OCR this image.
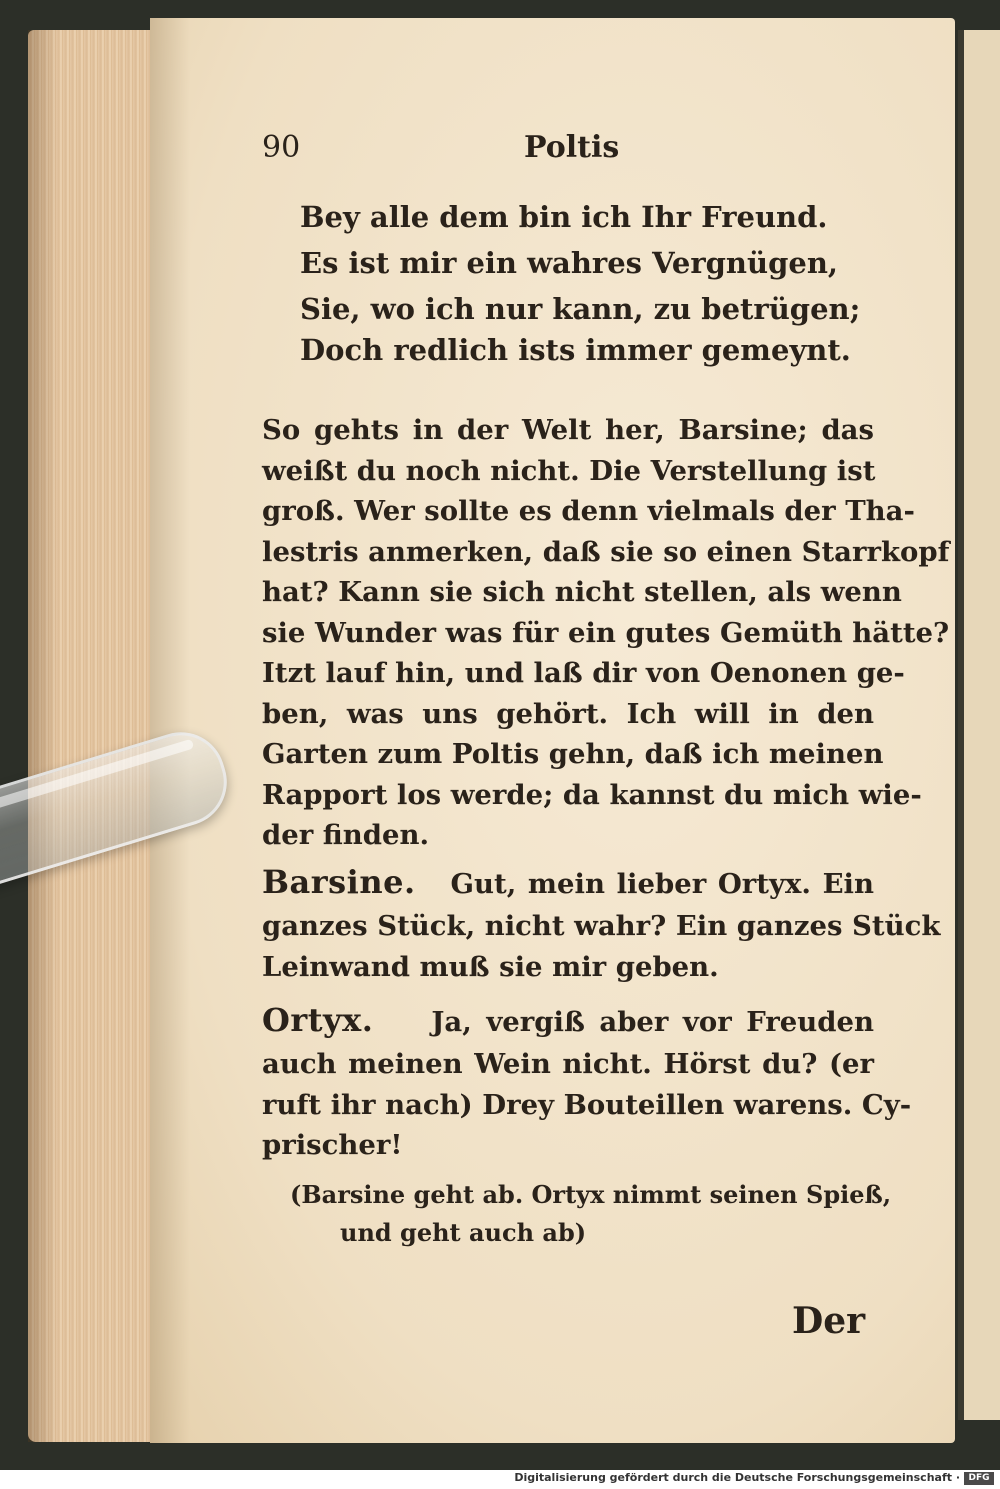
90	Poltis
Bey alle dem bin ich Ihr Freund.
Es ist mir ein wahres Vergnügen,
Sie, wo ich nur kann, zu betrügen;
Doch redlich ists immer gemeynt.
So gehts in der Welt her, Barsine; das
weißt du noch nicht. Die Verstellung ist
groß. Wer sollte es denn vielmals der Tha-
lestris anmerken, daß sie so einen Starrkopf
hat? Kann sie sich nicht stellen, als wenn
sie Wunder was für ein gutes Gemüth hätte?
Itzt lauf hin, und laß dir von Oenonen ge-
ben, was uns gehört. Ich will in den
Garten zum Poltis gehn, daß ich meinen
Rapport los werde; da kannst du mich wie-
der finden.
Barsine. Gut, mein lieber Ortyx. Ein
ganzes Stück, nicht wahr? Ein ganzes Stück
Leinwand muß sie mir geben.
Ortyx. Ja, vergiß aber vor Freuden
auch meinen Wein nicht. Hörst du? (er
ruft ihr nach) Drey Bouteillen warens. Cy-
prischer!
(Barsine geht ab. Ortyx nimmt seinen Spieß,
und geht auch ab)
Der
Digitalisierung gefördert durch die Deutsche Forschungsgemeinschaft · DFG
